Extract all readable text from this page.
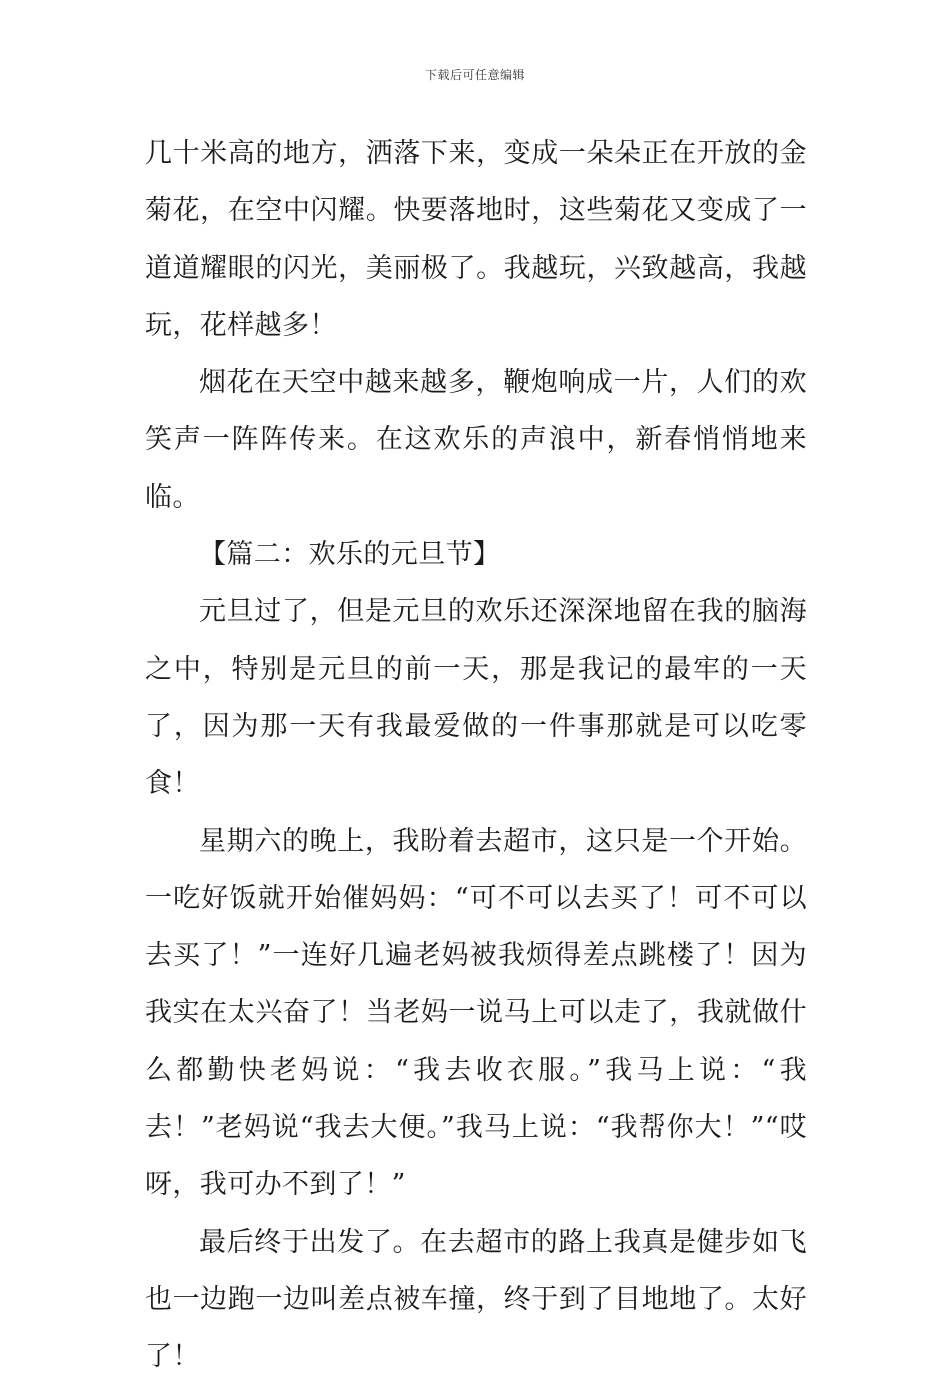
下载后可任意编辑

几十米高的地方，洒落下来，变成一朵朵正在开放的金菊花，在空中闪耀。快要落地时，这些菊花又变成了一道道耀眼的闪光，美丽极了。我越玩，兴致越高，我越玩，花样越多！

烟花在天空中越来越多，鞭炮响成一片，人们的欢笑声一阵阵传来。在这欢乐的声浪中，新春悄悄地来临。

【篇二：欢乐的元旦节】

元旦过了，但是元旦的欢乐还深深地留在我的脑海之中，特别是元旦的前一天，那是我记的最牢的一天了，因为那一天有我最爱做的一件事那就是可以吃零食！

星期六的晚上，我盼着去超市，这只是一个开始。一吃好饭就开始催妈妈：“可不可以去买了！可不可以去买了！”一连好几遍老妈被我烦得差点跳楼了！因为我实在太兴奋了！当老妈一说马上可以走了，我就做什么都勤快老妈说：“我去收衣服。”我马上说：“我去！”老妈说“我去大便。”我马上说：“我帮你大！”“哎呀，我可办不到了！”

最后终于出发了。在去超市的路上我真是健步如飞也一边跑一边叫差点被车撞，终于到了目地地了。太好了！
